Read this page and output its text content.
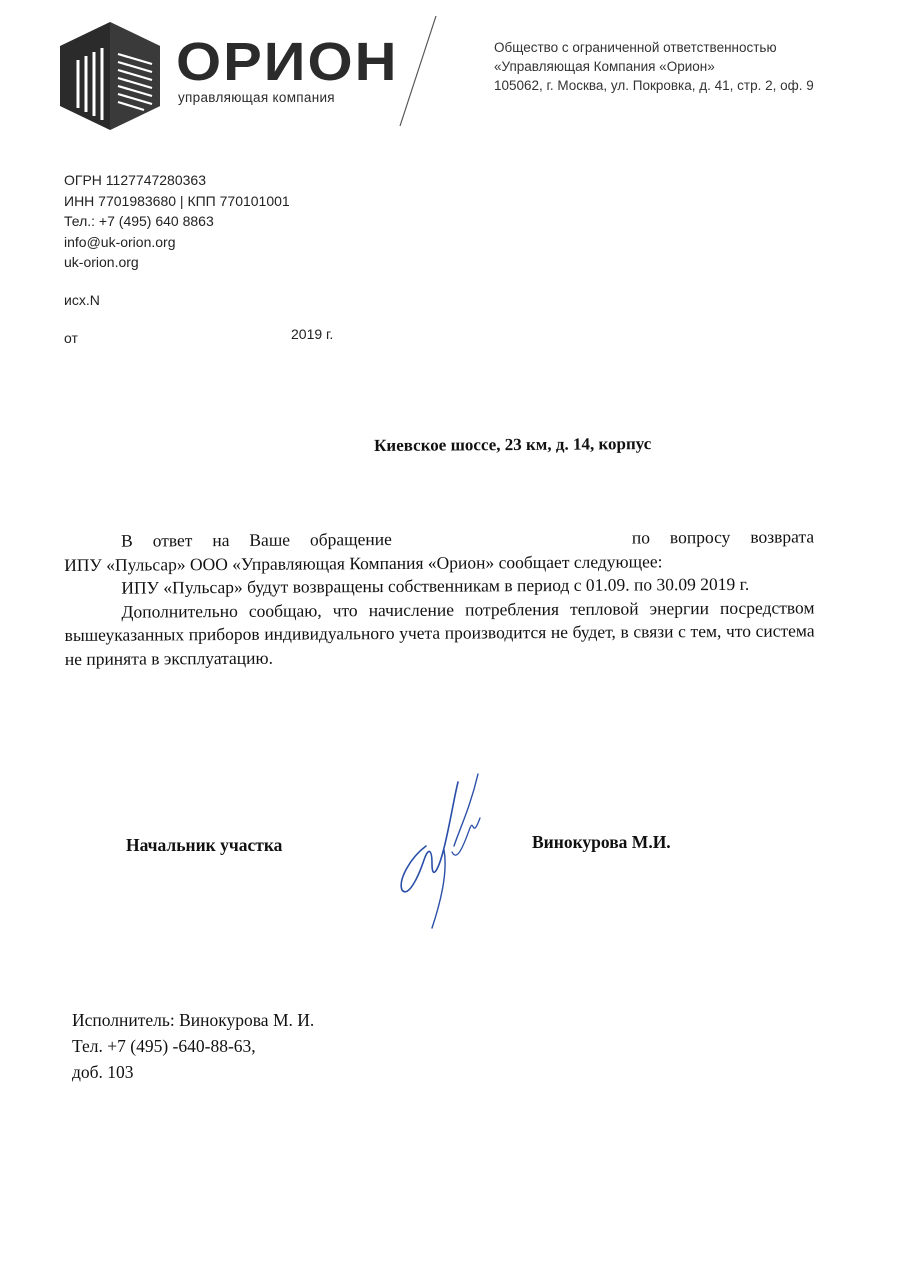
ОРИОН
управляющая компания
Общество с ограниченной ответственностью
«Управляющая Компания «Орион»
105062, г. Москва, ул. Покровка, д. 41, стр. 2, оф. 9
ОГРН 1127747280363
ИНН 7701983680 | КПП 770101001
Тел.: +7 (495) 640 8863
info@uk-orion.org
uk-orion.org
исх.N
от	2019 г.
Киевское шоссе, 23 км, д. 14, корпус

В ответ на Ваше обращение	по вопросу возврата

ИПУ «Пульсар» ООО «Управляющая Компания «Орион» сообщает следующее:

ИПУ «Пульсар» будут возвращены собственникам в период с 01.09. по 30.09 2019 г.

Дополнительно сообщаю, что начисление потребления тепловой энергии посредством вышеуказанных приборов индивидуального учета производится не будет, в связи с тем, что система не принята в эксплуатацию.

Начальник участка	Винокурова М.И.
Исполнитель: Винокурова М. И.
Тел. +7 (495) -640-88-63,
доб. 103
